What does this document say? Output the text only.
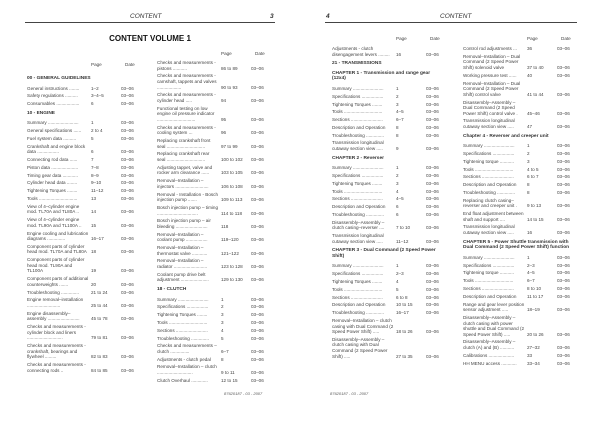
CONTENT	3
CONTENT VOLUME 1
Page	Date
00 - GENERAL GUIDELINES
General instructions ........	1–2	03–06
Safety regulations ..........	3–4–5	03–06
Consumables ..................	6	03–06
10 - ENGINE
Summary ........................	1	03–06
General specifications ......	2 to 4	03–06
Fuel system data ..........	5	03–06
Crankshaft and engine block data .................	6	03–06
Connecting rod data ......	7	03–06
Piston data .....................	7–8	03–06
Timing gear data ............	8–9	03–06
Cylinder head data ........	9–10	03–06
Tightening Torques ........	11–12	03–06
Tools ..............................	13	03–06
View of 4–cylinder engine mod. TL70A and TL80A ..	14	03–06
View of 4–cylinder engine mod. TL90A and TL100A ..	15	03–06
Engine cooling and lubrication diagrams ..............	16–17	03–06
Component parts of cylinder head mod. TL70A and TL80A 18	03–06
Component parts of cylinder head mod. TL90A and TL100A	19	03–06
Component parts of additional counterweights .......	20	03–06
Troubleshooting ..............	21 to 24	03–06
Engine removal–installation ..........................	25 to 44	03–06
Engine disassembly–assembly .........................	45 to 78	03–06
Checks and measurements - cylinder block and liners ............................	79 to 81	03–06
Checks and measurements - crankshaft, bearings and flywheel .........	82 to 83	03–06
Checks and measurements - connecting rods ..	84 to 85	03–06
Page	Date
Checks and measurements - pistons ...........	86 to 89	03–06
Checks and measurements - camshaft, tappets and valves ...................	90 to 93	03–06
Checks and measurements - cylinder head .....	94	03–06
Functional testing on low engine oil pressure indicator ..............................	95	03–06
Checks and measurements - cooling system ...	96	03–06
Replacing crankshaft front seal ..............................	97 to 99	03–06
Replacing crankshaft rear seal ..............................	100 to 102	03–06
Adjusting tappet, valve and rocker arm clearance ......	103 to 105	03–06
Removal–Installation – injectors ..........................	106 to 108	03–06
Removal - Installation - Bosch injection pump .......	109 to 113	03–06
Bosch injection pump – timing ................................	114 to 118	03–06
Bosch injection pump – air bleeding .........................	118	03–06
Removal–Installation – coolant pump .................	119–120	03–06
Removal–Installation – thermostat valve ............	121–122	03–06
Removal–Installation – radiator ..........................	123 to 128	03–06
Coolant pump drive belt adjustment ......................	129 to 130	03–06
18 - CLUTCH
Summary ........................	1	03–06
Specifications .................	2	03–06
Tightening Torques ........	3	03–06
Tools ..............................	3	03–06
Sections .........................	4	03–06
Troubleshooting ..............	5	03–06
Checks and measurements – clutch ...............	6–7	03–06
Adjustments - clutch pedal	8	03–06
Removal–Installation – clutch ............................	9 to 11	03–06
Clutch Overhaul .............	12 to 15	03–06
87620187 - 03 - 2007
4	CONTENT
Page	Date
Adjustments - clutch disengagement levers .........	16	03–06
21 - TRANSMISSIONS
CHAPTER 1 - Transmission and range gear (12x4)
Summary ........................	1	03–06
Specifications .................	2	03–06
Tightening Torques ........	3	03–06
Tools ..............................	4–5	03–06
Sections .........................	6–7	03–06
Description and Operation	8	03–06
Troubleshooting ..............	8	03–06
Transmission longitudinal cutaway section view .....	9	03–06
CHAPTER 2 - Reverser
Summary ........................	1	03–06
Specifications .................	2	03–06
Tightening Torques ........	3	03–06
Tools ..............................	4	03–06
Sections .........................	4–5	03–06
Description and Operation	6	03–06
Troubleshooting ..............	6	03–06
Disassembly–Assembly – clutch casing–reverser ....	7 to 10	03–06
Transmission longitudinal cutaway section view .....	11–12	03–06
CHAPTER 3 - Dual Command (2 Speed Power Shift)
Summary ........................	1	03–06
Specifications .................	2–3	03–06
Tightening Torques ........	4	03–06
Tools ..............................	5	03–06
Sections .........................	6 to 8	03–06
Description and Operation	10 to 15	03–06
Troubleshooting ..............	16–17	03–06
Removal–Installation – clutch casing with Dual Command (2 Speed Power Shift) .....	18 to 26	03–06
Disassembly–Assembly – clutch casing with Dual Command (2 Speed Power Shift) .....	27 to 35	03–06
Page	Date
Control rod adjustments ...	36	03–06
Removal–Installation – Dual Command (2 Speed Power Shift) solenoid valve	37 to 40	03–06
Working pressure test ......	40	03–06
Removal–Installation – Dual Command (2 Speed Power Shift) control valve	41 to 44	03–06
Disassembly–Assembly – Dual Command (2 Speed Power Shift) control valve .	45–46	03–06
Transmission longitudinal cutaway section view .....	47	03–06
Chapter 4 - Reverser and creeper unit
Summary ........................	1	03–06
Specifications .................	2	03–06
Tightening torque ...........	3	03–06
Tools ..............................	4 to 5	03–06
Sections .........................	6 to 7	03–06
Description and Operation	8	03–06
Troubleshooting ..............	8	03–06
Replacing clutch casing–reverser and creeper unit .	9 to 13	03–06
End float adjustment between shaft and support ....	14 to 15	03–06
Transmission longitudinal cutaway section view .....	16	03–06
CHAPTER 5 - Power Shuttle transmission with Dual Command (2 Speed Power Shift) function
Summary ........................	1	03–06
Specifications .................	2–3	03–06
Tightening torque ...........	4–5	03–06
Tools ..............................	6–7	03–06
Sections .........................	8 to 10	03–06
Description and Operation	11 to 17	03–06
Range and gear lever position sensor adjustment .....	18–19	03–06
Disassembly–Assembly – clutch casing with power shuttle and Dual Command (2 Speed Power Shift) .....	20 to 26	03–06
Disassembly–Assembly – clutch (A) and (B) ...........	27–32	03–06
Calibrations ....................	33	03–06
HH MENU access ............	33–34	03–06
87620187 - 03 - 2007
